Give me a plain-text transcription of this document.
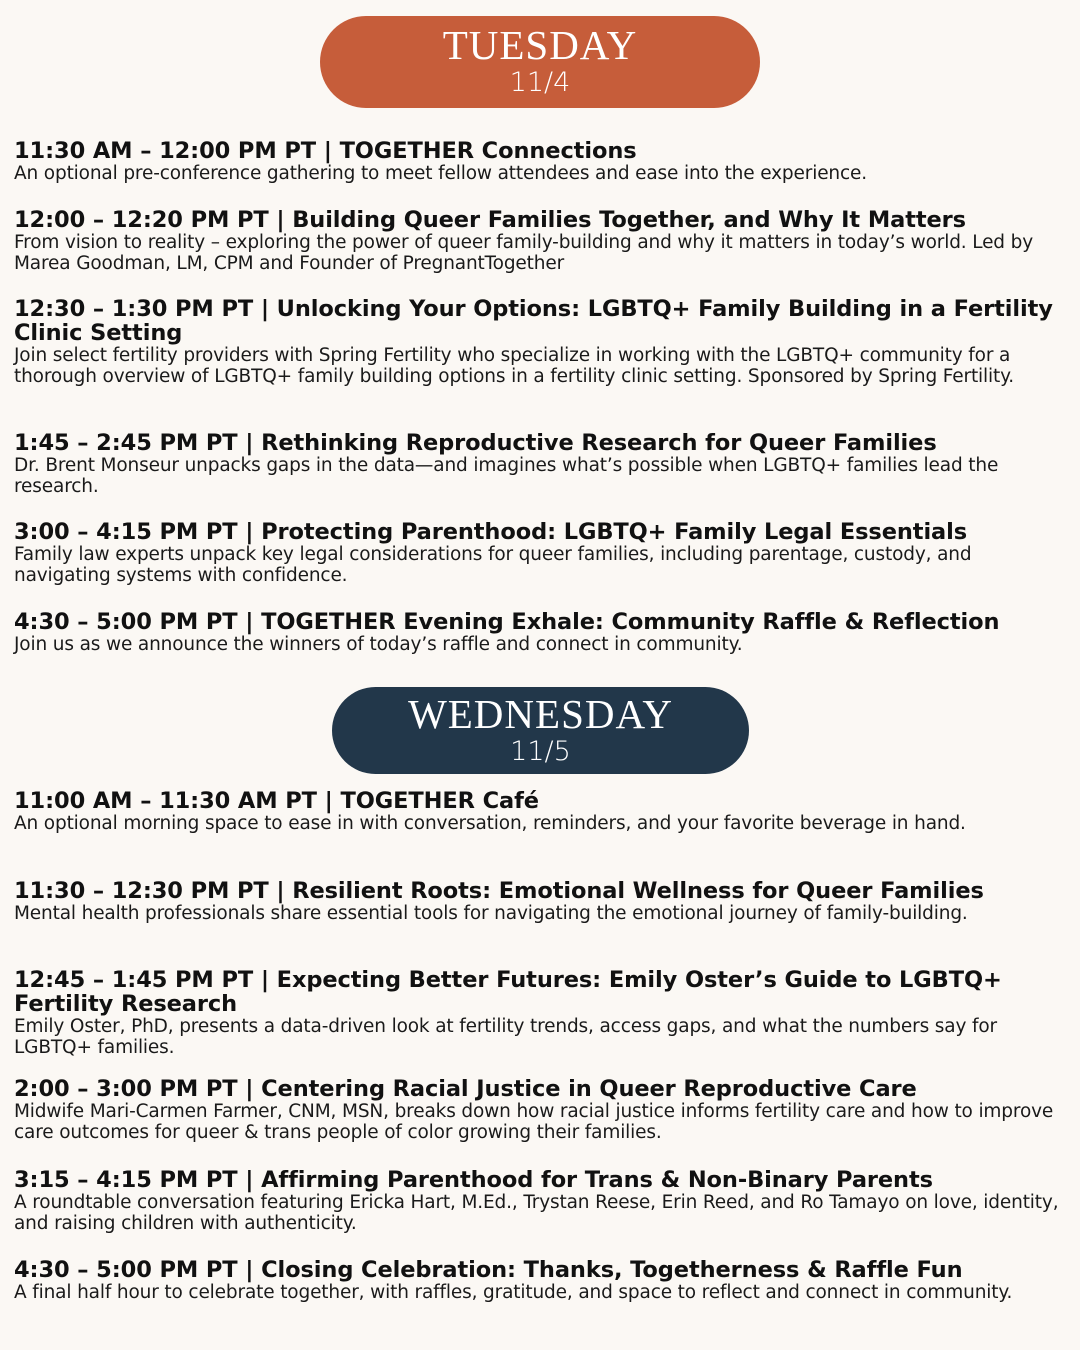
TUESDAY
11/4
11:30 AM – 12:00 PM PT | TOGETHER Connections
An optional pre-conference gathering to meet fellow attendees and ease into the experience.
12:00 – 12:20 PM PT | Building Queer Families Together, and Why It Matters
From vision to reality – exploring the power of queer family-building and why it matters in today’s world. Led by Marea Goodman, LM, CPM and Founder of PregnantTogether
12:30 – 1:30 PM PT | Unlocking Your Options: LGBTQ+ Family Building in a Fertility Clinic Setting
Join select fertility providers with Spring Fertility who specialize in working with the LGBTQ+ community for a thorough overview of LGBTQ+ family building options in a fertility clinic setting. Sponsored by Spring Fertility.
1:45 – 2:45 PM PT | Rethinking Reproductive Research for Queer Families
Dr. Brent Monseur unpacks gaps in the data—and imagines what’s possible when LGBTQ+ families lead the research.
3:00 – 4:15 PM PT | Protecting Parenthood: LGBTQ+ Family Legal Essentials
Family law experts unpack key legal considerations for queer families, including parentage, custody, and navigating systems with confidence.
4:30 – 5:00 PM PT | TOGETHER Evening Exhale: Community Raffle & Reflection
Join us as we announce the winners of today’s raffle and connect in community.
WEDNESDAY
11/5
11:00 AM – 11:30 AM PT | TOGETHER Café
An optional morning space to ease in with conversation, reminders, and your favorite beverage in hand.
11:30 – 12:30 PM PT | Resilient Roots: Emotional Wellness for Queer Families
Mental health professionals share essential tools for navigating the emotional journey of family-building.
12:45 – 1:45 PM PT | Expecting Better Futures: Emily Oster’s Guide to LGBTQ+ Fertility Research
Emily Oster, PhD, presents a data-driven look at fertility trends, access gaps, and what the numbers say for LGBTQ+ families.
2:00 – 3:00 PM PT | Centering Racial Justice in Queer Reproductive Care
Midwife Mari-Carmen Farmer, CNM, MSN, breaks down how racial justice informs fertility care and how to improve care outcomes for queer & trans people of color growing their families.
3:15 – 4:15 PM PT | Affirming Parenthood for Trans & Non-Binary Parents
A roundtable conversation featuring Ericka Hart, M.Ed., Trystan Reese, Erin Reed, and Ro Tamayo on love, identity, and raising children with authenticity.
4:30 – 5:00 PM PT | Closing Celebration: Thanks, Togetherness & Raffle Fun
A final half hour to celebrate together, with raffles, gratitude, and space to reflect and connect in community.
